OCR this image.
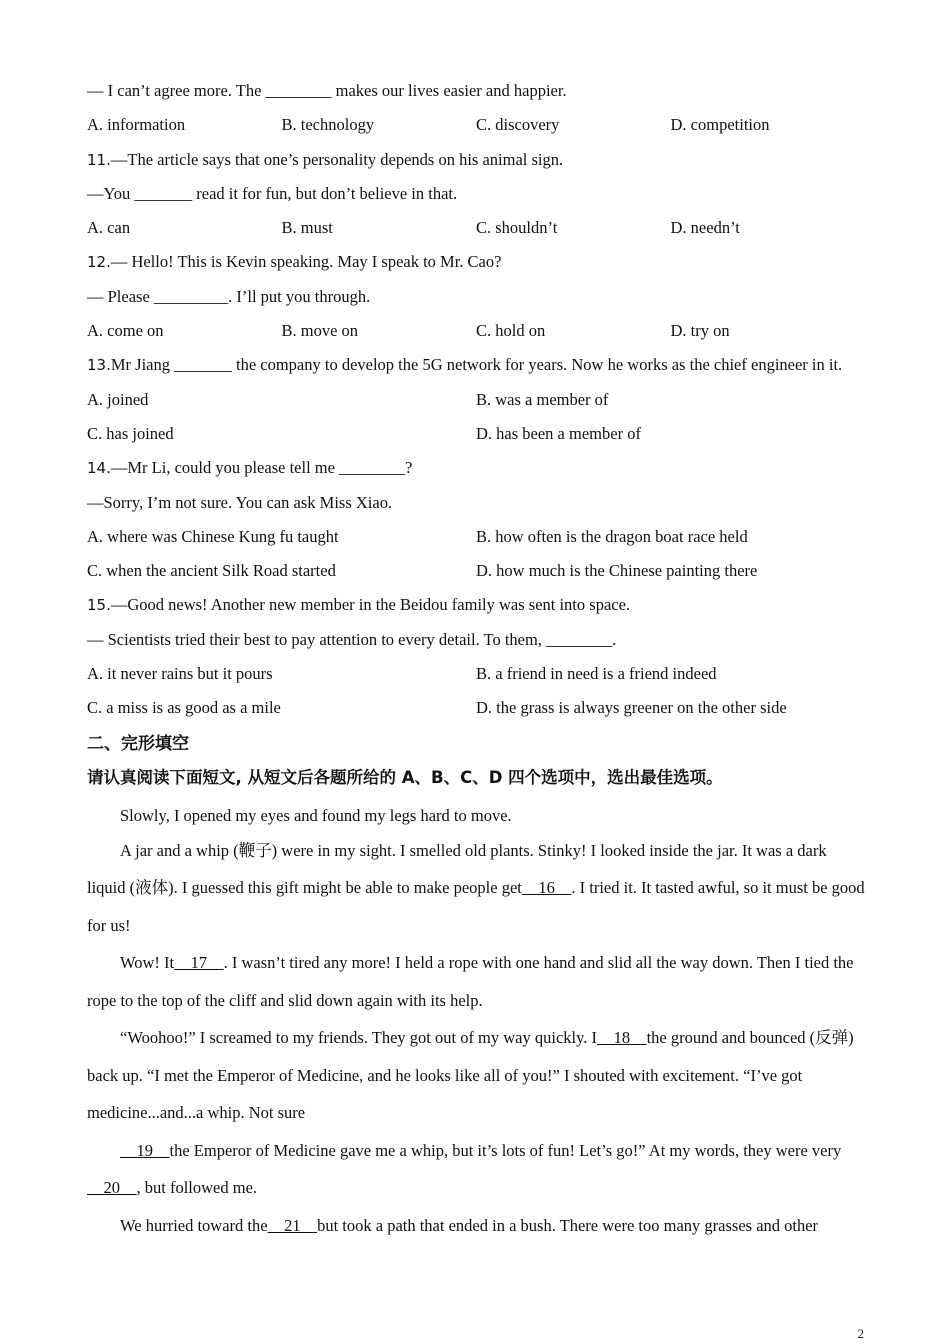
— I can’t agree more. The ________ makes our lives easier and happier.
A. information	B. technology	C. discovery	D. competition
11.—The article says that one’s personality depends on his animal sign.
—You _______ read it for fun, but don’t believe in that.
A. can	B. must	C. shouldn’t	D. needn’t
12.— Hello! This is Kevin speaking. May I speak to Mr. Cao?
— Please _________. I’ll put you through.
A. come on	B. move on	C. hold on	D. try on
13.Mr Jiang _______ the company to develop the 5G network for years. Now he works as the chief engineer in it.
A. joined	B. was a member of
C. has joined	D. has been a member of
14.—Mr Li, could you please tell me ________?
—Sorry, I’m not sure. You can ask Miss Xiao.
A. where was Chinese Kung fu taught	B. how often is the dragon boat race held
C. when the ancient Silk Road started	D. how much is the Chinese painting there
15.—Good news! Another new member in the Beidou family was sent into space.
— Scientists tried their best to pay attention to every detail. To them, ________.
A. it never rains but it pours	B. a friend in need is a friend indeed
C. a miss is as good as a mile	D. the grass is always greener on the other side
二、完形填空
请认真阅读下面短文, 从短文后各题所给的 A、B、C、D 四个选项中，选出最佳选项。

Slowly, I opened my eyes and found my legs hard to move.

A jar and a whip (鞭子) were in my sight. I smelled old plants. Stinky! I looked inside the jar. It was a dark liquid (液体). I guessed this gift might be able to make people get    16    . I tried it. It tasted awful, so it must be good for us!

Wow! It    17    . I wasn’t tired any more! I held a rope with one hand and slid all the way down. Then I tied the rope to the top of the cliff and slid down again with its help.

“Woohoo!” I screamed to my friends. They got out of my way quickly. I    18    the ground and bounced (反弹) back up. “I met the Emperor of Medicine, and he looks like all of you!” I shouted with excitement. “I’ve got medicine...and...a whip. Not sure

19    the Emperor of Medicine gave me a whip, but it’s lots of fun! Let’s go!” At my words, they were very    20    , but followed me.

We hurried toward the    21    but took a path that ended in a bush. There were too many grasses and other

2
